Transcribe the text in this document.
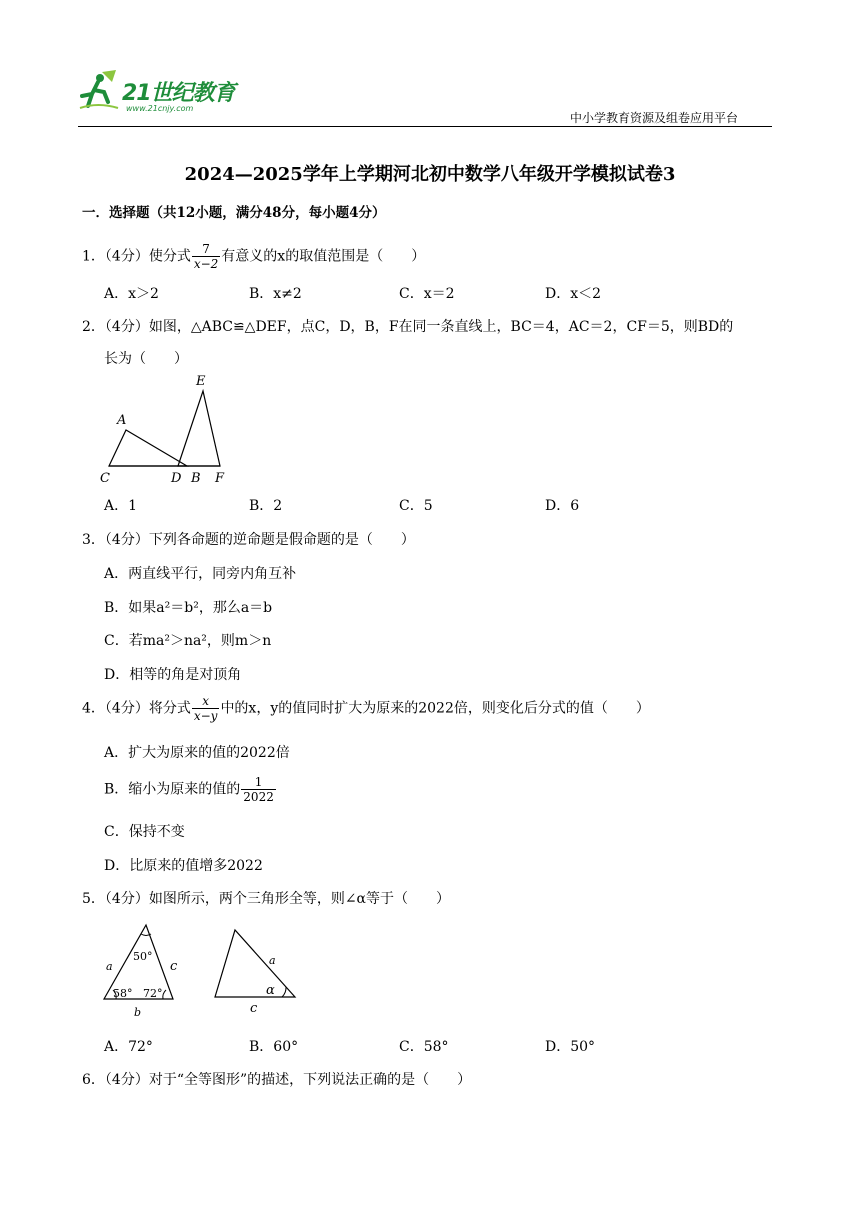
21世纪教育
www.21cnjy.com
中小学教育资源及组卷应用平台
2024—2025学年上学期河北初中数学八年级开学模拟试卷3
一．选择题（共12小题，满分48分，每小题4分）
1．（4分）使分式 $\frac{7}{x-2}$ 有意义的x的取值范围是（　　）
A．x＞2	B．x≠2	C．x＝2	D．x＜2
2．（4分）如图，△ABC≌△DEF，点C，D，B，F在同一条直线上，BC＝4，AC＝2，CF＝5，则BD的
长为（　　）
A
C	D B
E
F
A．1	B．2	C．5	D．6
3．（4分）下列各命题的逆命题是假命题的是（　　）
A．两直线平行，同旁内角互补
B．如果a²＝b²，那么a＝b
C．若ma²＞na²，则m＞n
D．相等的角是对顶角
4．（4分）将分式 $\frac{x}{x-y}$ 中的x，y的值同时扩大为原来的2022倍，则变化后分式的值（　　）
A．扩大为原来的值的2022倍
B．缩小为原来的值的 $\frac{1}{2022}$
C．保持不变
D．比原来的值增多2022
5．（4分）如图所示，两个三角形全等，则∠α等于（　　）
50°
58° 72°
a	c
b
a
c
α
A．72°	B．60°	C．58°	D．50°
6．（4分）对于“全等图形”的描述，下列说法正确的是（　　）
